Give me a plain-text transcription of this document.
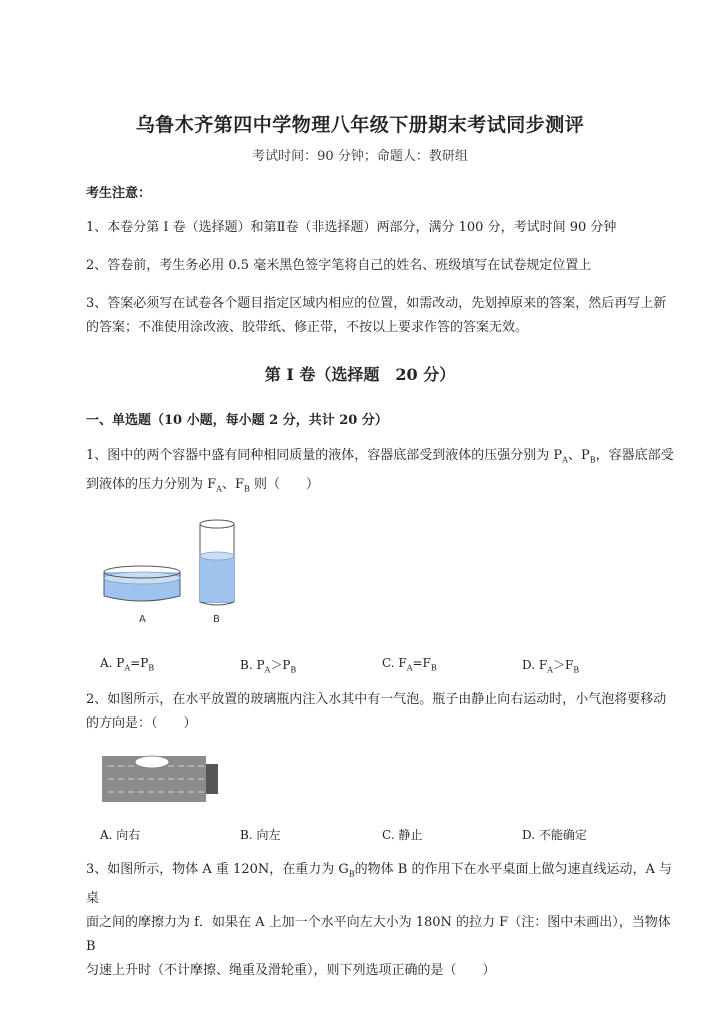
乌鲁木齐第四中学物理八年级下册期末考试同步测评
考试时间：90 分钟；命题人：教研组
考生注意：
1、本卷分第 I 卷（选择题）和第Ⅱ卷（非选择题）两部分，满分 100 分，考试时间 90 分钟
2、答卷前，考生务必用 0.5 毫米黑色签字笔将自己的姓名、班级填写在试卷规定位置上
3、答案必须写在试卷各个题目指定区域内相应的位置，如需改动，先划掉原来的答案，然后再写上新的答案；不准使用涂改液、胶带纸、修正带，不按以上要求作答的答案无效。
第 I 卷（选择题　20 分）
一、单选题（10 小题，每小题 2 分，共计 20 分）
1、图中的两个容器中盛有同种相同质量的液体，容器底部受到液体的压强分别为 $P_A$、$P_B$，容器底部受
到液体的压力分别为 $F_A$、$F_B$ 则（　　）
A	B
A. $P_A=P_B$	B. $P_A>P_B$	C. $F_A=F_B$	D. $F_A>F_B$
2、如图所示，在水平放置的玻璃瓶内注入水其中有一气泡。瓶子由静止向右运动时，小气泡将要移动
的方向是：（　　）
A. 向右	B. 向左	C. 静止	D. 不能确定
3、如图所示，物体 A 重 120N，在重力为 $G_B$的物体 B 的作用下在水平桌面上做匀速直线运动，A 与桌
面之间的摩擦力为 f．如果在 A 上加一个水平向左大小为 180N 的拉力 F（注：图中未画出），当物体 B
匀速上升时（不计摩擦、绳重及滑轮重），则下列选项正确的是（　　）
